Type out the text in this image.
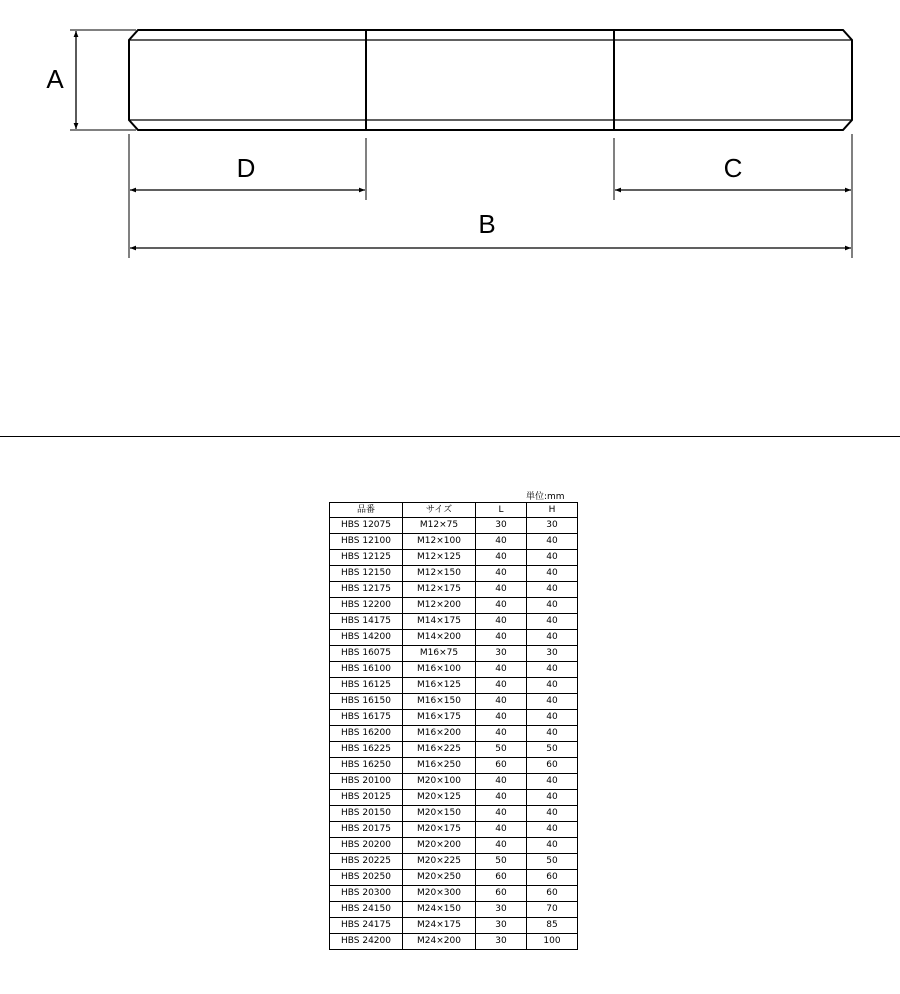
A
D	C
B
単位:mm
品番	サイズ	L	H
HBS 12075	M12×75	30	30
HBS 12100	M12×100	40	40
HBS 12125	M12×125	40	40
HBS 12150	M12×150	40	40
HBS 12175	M12×175	40	40
HBS 12200	M12×200	40	40
HBS 14175	M14×175	40	40
HBS 14200	M14×200	40	40
HBS 16075	M16×75	30	30
HBS 16100	M16×100	40	40
HBS 16125	M16×125	40	40
HBS 16150	M16×150	40	40
HBS 16175	M16×175	40	40
HBS 16200	M16×200	40	40
HBS 16225	M16×225	50	50
HBS 16250	M16×250	60	60
HBS 20100	M20×100	40	40
HBS 20125	M20×125	40	40
HBS 20150	M20×150	40	40
HBS 20175	M20×175	40	40
HBS 20200	M20×200	40	40
HBS 20225	M20×225	50	50
HBS 20250	M20×250	60	60
HBS 20300	M20×300	60	60
HBS 24150	M24×150	30	70
HBS 24175	M24×175	30	85
HBS 24200	M24×200	30	100
